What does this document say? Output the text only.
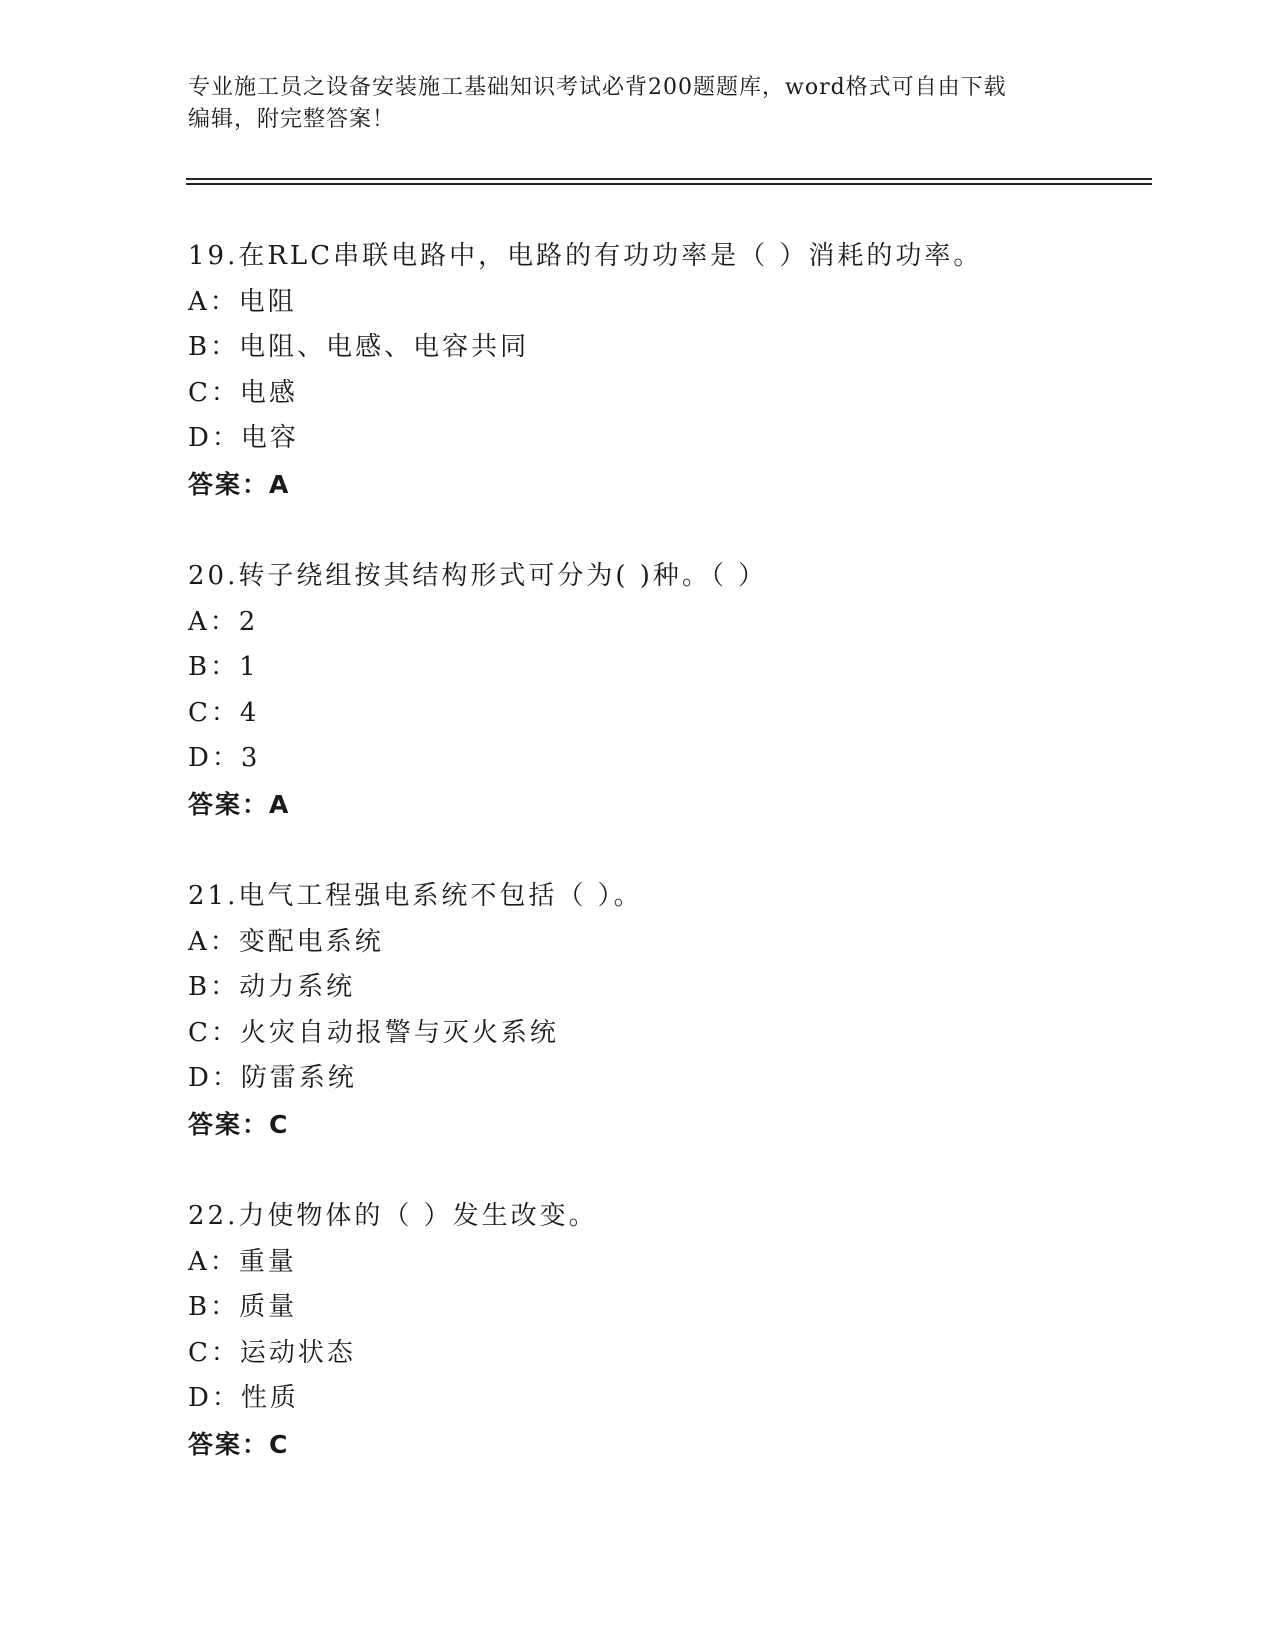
专业施工员之设备安装施工基础知识考试必背200题题库，word格式可自由下载
编辑，附完整答案！
19.在RLC串联电路中，电路的有功功率是（ ）消耗的功率。
A：电阻
B：电阻、电感、电容共同
C：电感
D：电容
答案：A
20.转子绕组按其结构形式可分为( )种。（ ）
A：2
B：1
C：4
D：3
答案：A
21.电气工程强电系统不包括（ ）。
A：变配电系统
B：动力系统
C：火灾自动报警与灭火系统
D：防雷系统
答案：C
22.力使物体的（ ）发生改变。
A：重量
B：质量
C：运动状态
D：性质
答案：C
